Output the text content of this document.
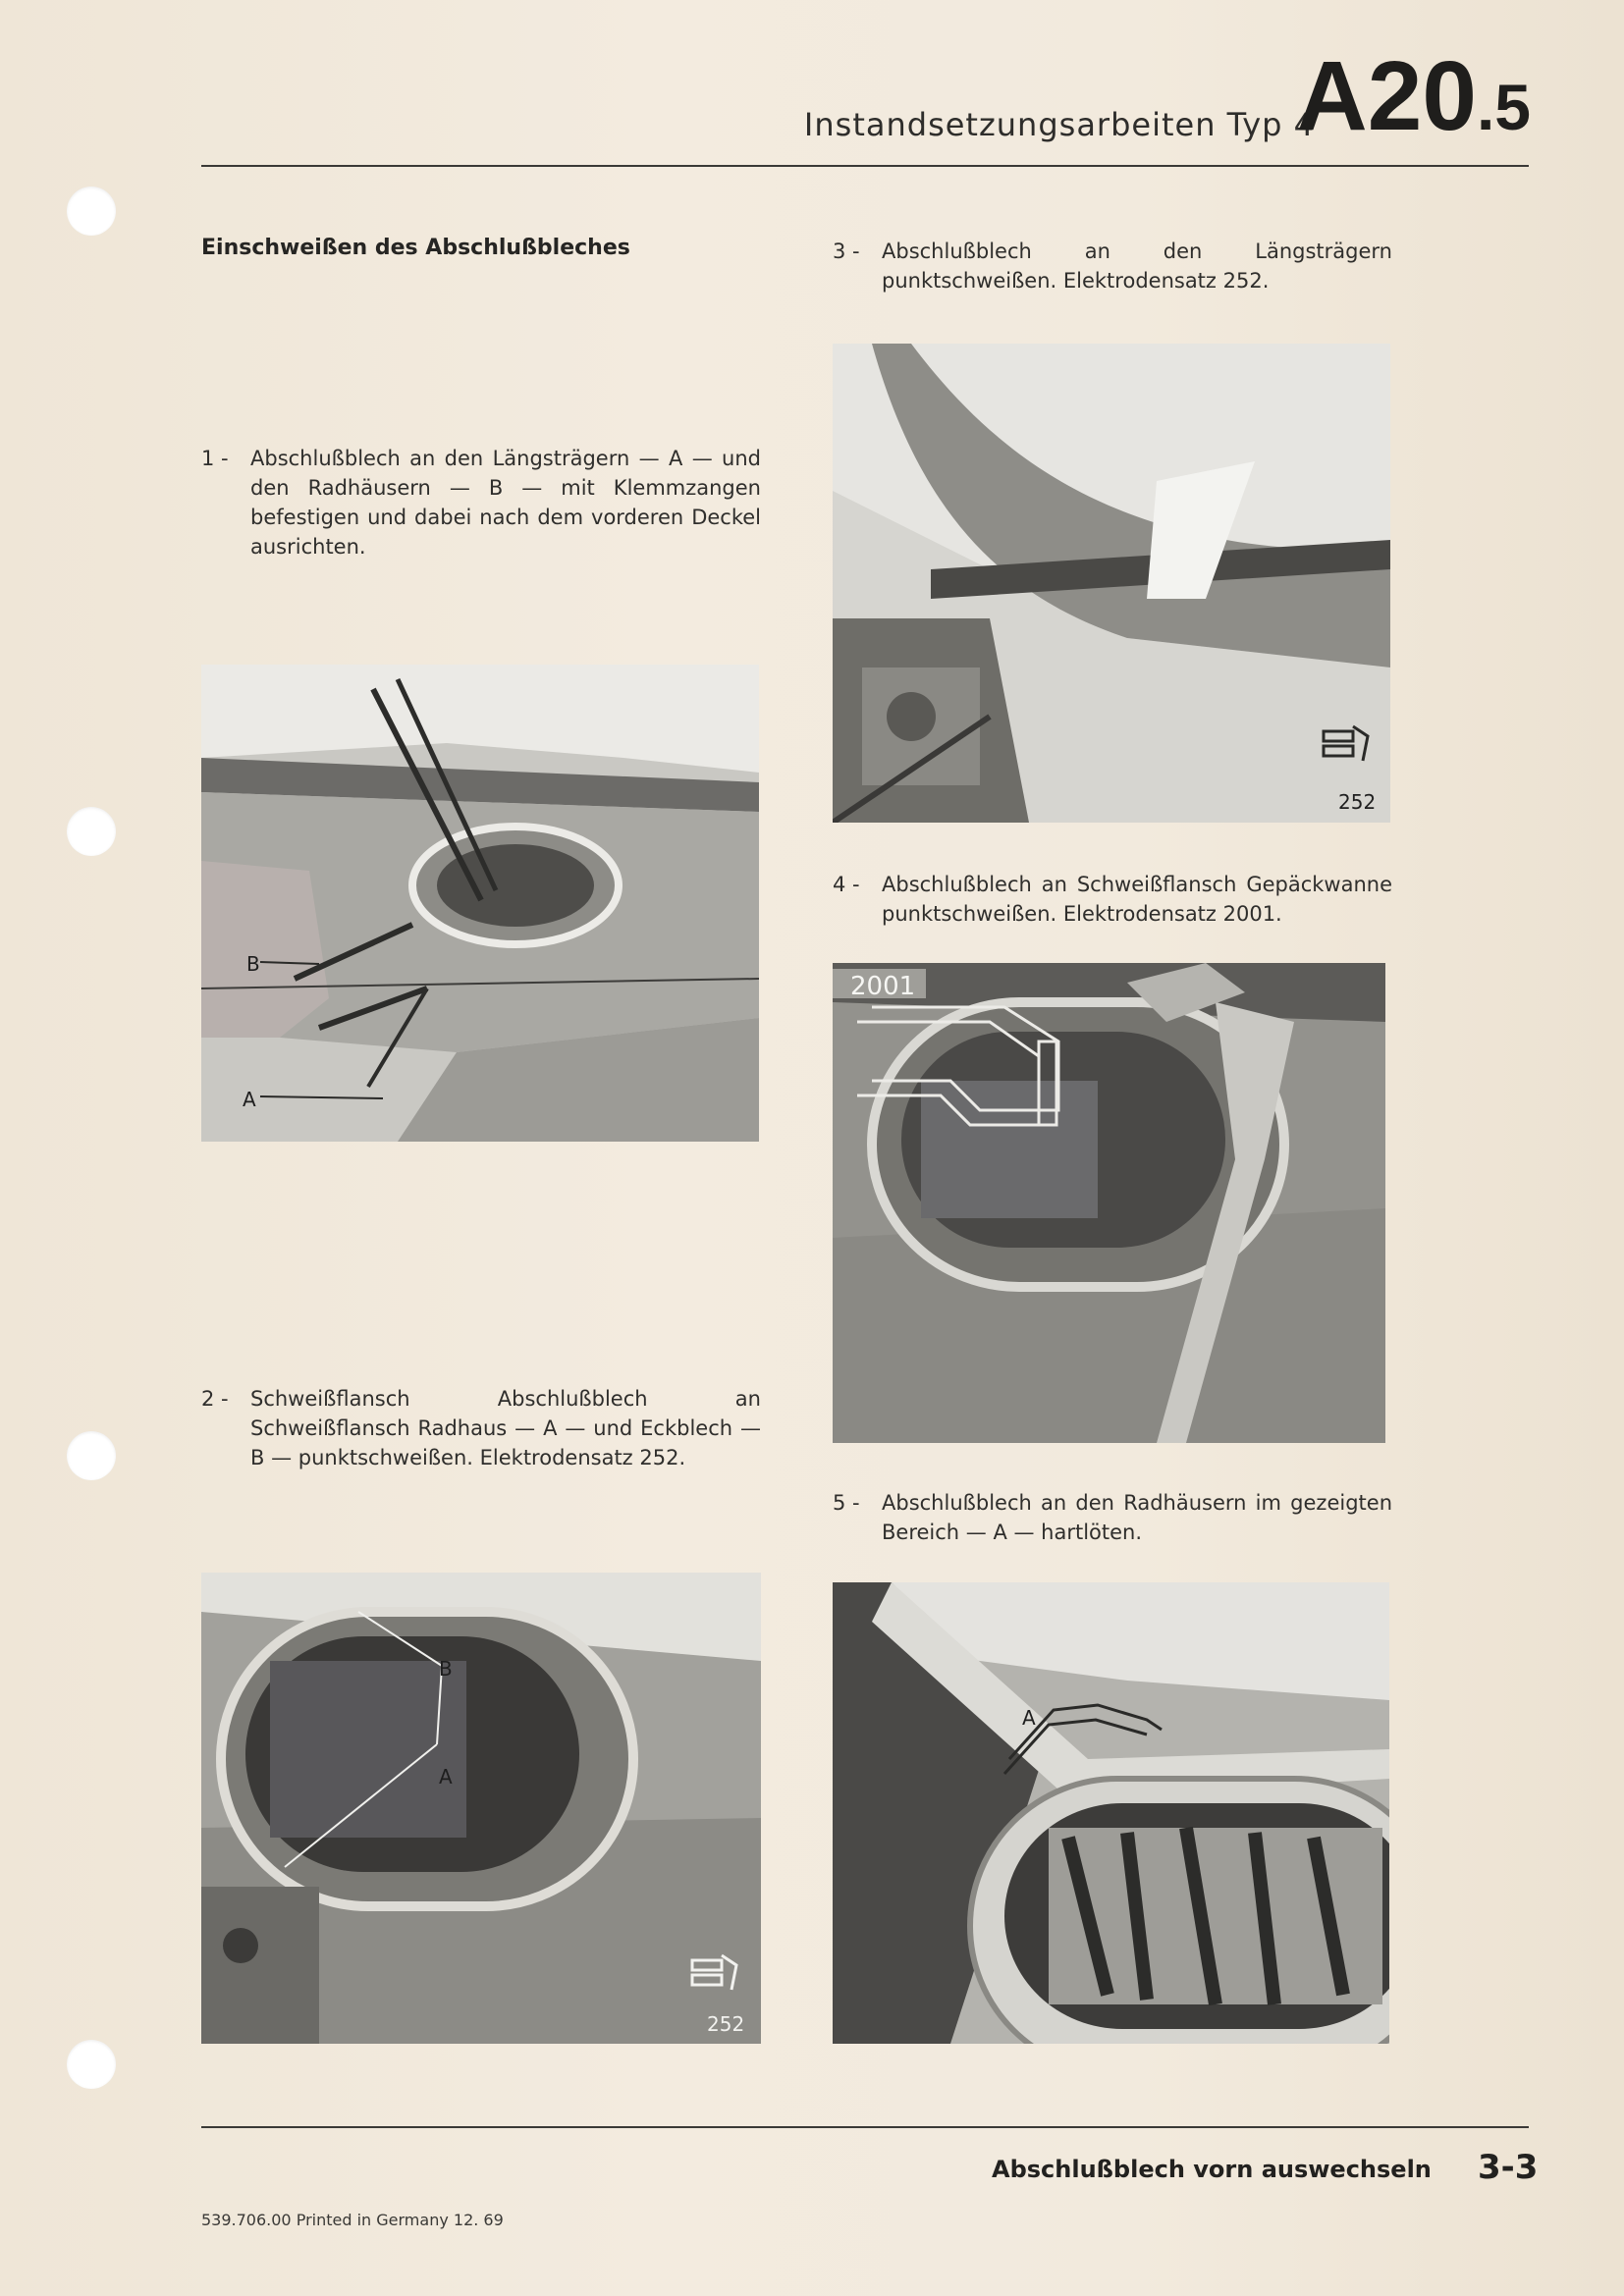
Instandsetzungsarbeiten Typ 4
A20.5
Einschweißen des Abschlußbleches
1 - Abschlußblech an den Längsträgern — A — und den Radhäusern — B — mit Klemmzangen befestigen und dabei nach dem vorderen Deckel ausrichten.
A
B
2 - Schweißflansch Abschlußblech an Schweißflansch Radhaus — A — und Eckblech — B — punktschweißen. Elektrodensatz 252.
B
A
252
3 - Abschlußblech an den Längsträgern punktschweißen. Elektrodensatz 252.
252
4 - Abschlußblech an Schweißflansch Gepäckwanne punktschweißen. Elektrodensatz 2001.
2001
5 - Abschlußblech an den Radhäusern im gezeigten Bereich — A — hartlöten.
A
Abschlußblech vorn auswechseln 3-3
539.706.00 Printed in Germany 12. 69
